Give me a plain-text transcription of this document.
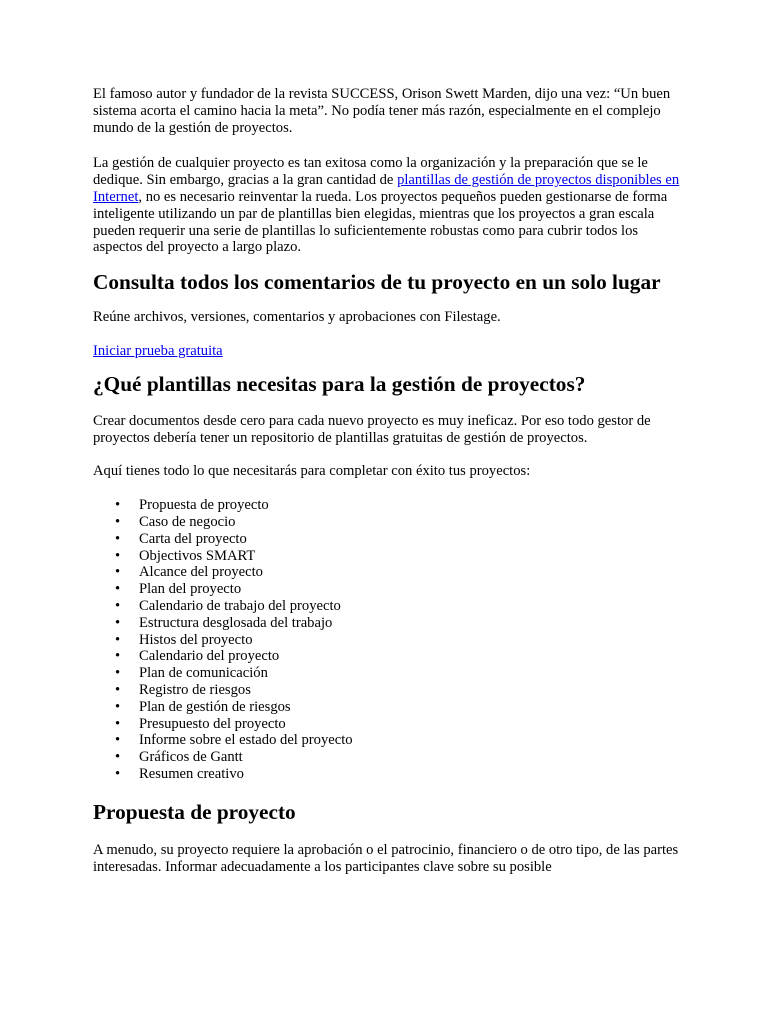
El famoso autor y fundador de la revista SUCCESS, Orison Swett Marden, dijo una vez: “Un buen sistema acorta el camino hacia la meta”. No podía tener más razón, especialmente en el complejo mundo de la gestión de proyectos.

La gestión de cualquier proyecto es tan exitosa como la organización y la preparación que se le dedique. Sin embargo, gracias a la gran cantidad de plantillas de gestión de proyectos disponibles en Internet, no es necesario reinventar la rueda. Los proyectos pequeños pueden gestionarse de forma inteligente utilizando un par de plantillas bien elegidas, mientras que los proyectos a gran escala pueden requerir una serie de plantillas lo suficientemente robustas como para cubrir todos los aspectos del proyecto a largo plazo.

Consulta todos los comentarios de tu proyecto en un solo lugar

Reúne archivos, versiones, comentarios y aprobaciones con Filestage.

Iniciar prueba gratuita

¿Qué plantillas necesitas para la gestión de proyectos?

Crear documentos desde cero para cada nuevo proyecto es muy ineficaz. Por eso todo gestor de proyectos debería tener un repositorio de plantillas gratuitas de gestión de proyectos.

Aquí tienes todo lo que necesitarás para completar con éxito tus proyectos:

• Propuesta de proyecto
• Caso de negocio
• Carta del proyecto
• Objectivos SMART
• Alcance del proyecto
• Plan del proyecto
• Calendario de trabajo del proyecto
• Estructura desglosada del trabajo
• Histos del proyecto
• Calendario del proyecto
• Plan de comunicación
• Registro de riesgos
• Plan de gestión de riesgos
• Presupuesto del proyecto
• Informe sobre el estado del proyecto
• Gráficos de Gantt
• Resumen creativo
Propuesta de proyecto

A menudo, su proyecto requiere la aprobación o el patrocinio, financiero o de otro tipo, de las partes interesadas. Informar adecuadamente a los participantes clave sobre su posible
